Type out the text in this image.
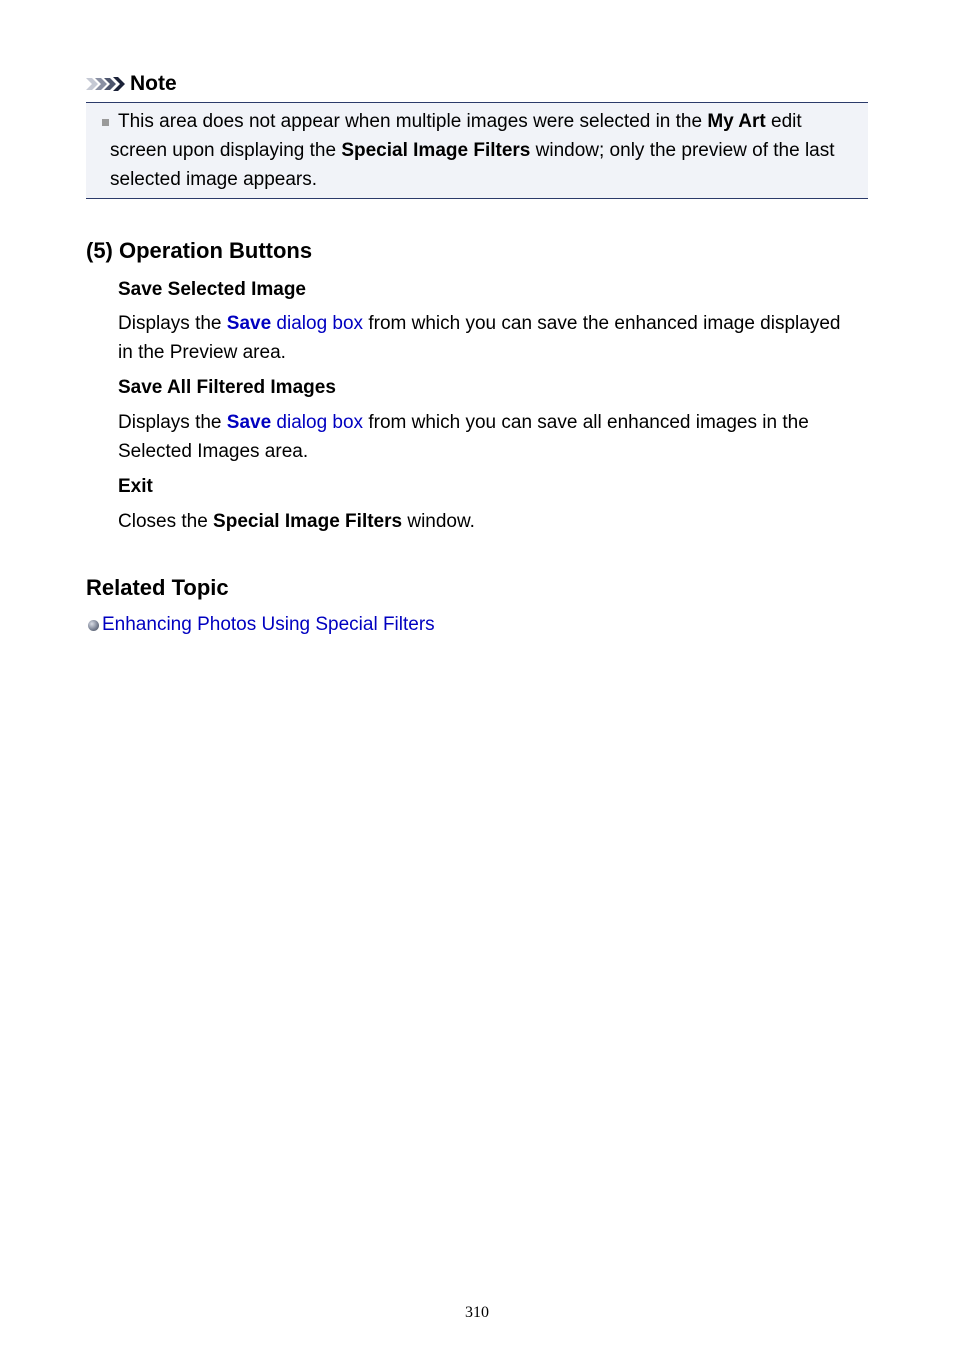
Note
This area does not appear when multiple images were selected in the My Art edit
screen upon displaying the Special Image Filters window; only the preview of the last
selected image appears.
(5) Operation Buttons
Save Selected Image
Displays the Save dialog box from which you can save the enhanced image displayed
in the Preview area.
Save All Filtered Images
Displays the Save dialog box from which you can save all enhanced images in the
Selected Images area.
Exit
Closes the Special Image Filters window.
Related Topic
Enhancing Photos Using Special Filters
310
